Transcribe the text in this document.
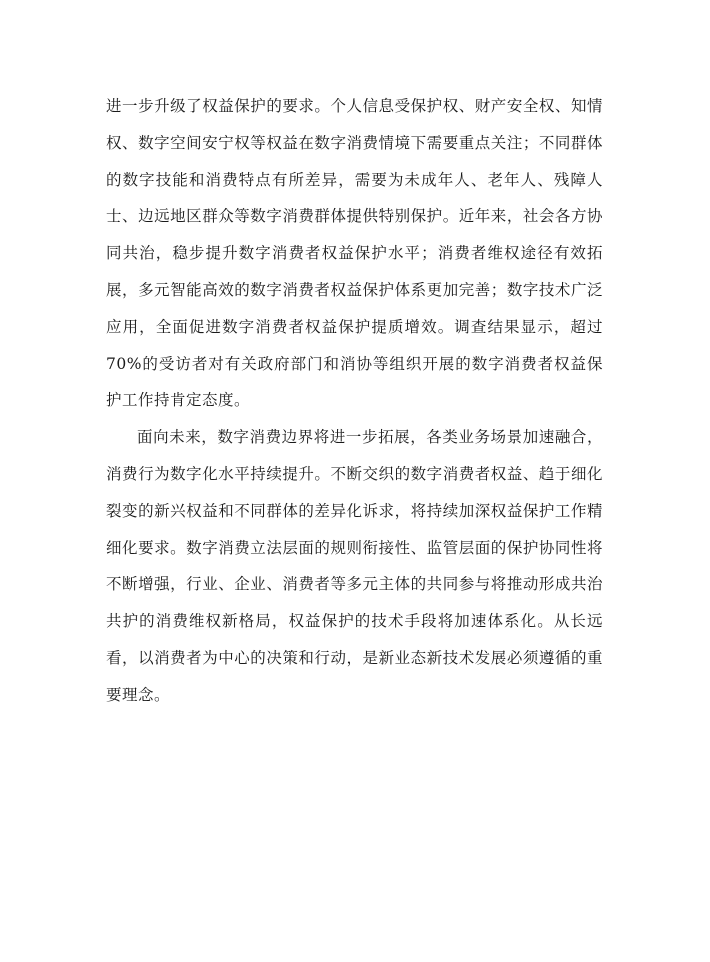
进一步升级了权益保护的要求。个人信息受保护权、财产安全权、知情权、数字空间安宁权等权益在数字消费情境下需要重点关注；不同群体的数字技能和消费特点有所差异，需要为未成年人、老年人、残障人士、边远地区群众等数字消费群体提供特别保护。近年来，社会各方协同共治，稳步提升数字消费者权益保护水平；消费者维权途径有效拓展，多元智能高效的数字消费者权益保护体系更加完善；数字技术广泛应用，全面促进数字消费者权益保护提质增效。调查结果显示，超过70%的受访者对有关政府部门和消协等组织开展的数字消费者权益保护工作持肯定态度。

面向未来，数字消费边界将进一步拓展，各类业务场景加速融合，消费行为数字化水平持续提升。不断交织的数字消费者权益、趋于细化裂变的新兴权益和不同群体的差异化诉求，将持续加深权益保护工作精细化要求。数字消费立法层面的规则衔接性、监管层面的保护协同性将不断增强，行业、企业、消费者等多元主体的共同参与将推动形成共治共护的消费维权新格局，权益保护的技术手段将加速体系化。从长远看，以消费者为中心的决策和行动，是新业态新技术发展必须遵循的重要理念。
